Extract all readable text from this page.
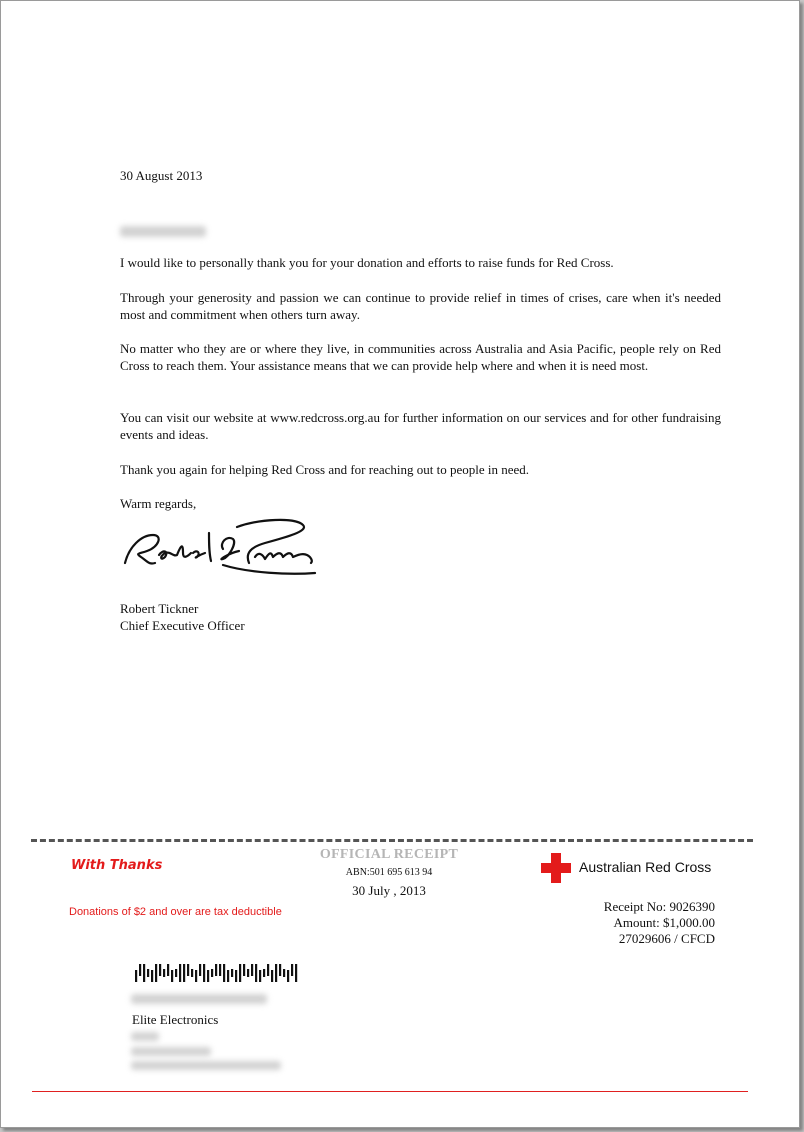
30 August 2013

I would like to personally thank you for your donation and efforts to raise funds for Red Cross.

Through your generosity and passion we can continue to provide relief in times of crises, care when it's needed most and commitment when others turn away.

No matter who they are or where they live, in communities across Australia and Asia Pacific, people rely on Red Cross to reach them. Your assistance means that we can provide help where and when it is need most.

You can visit our website at www.redcross.org.au for further information on our services and for other fundraising events and ideas.

Thank you again for helping Red Cross and for reaching out to people in need.

Warm regards,
Robert Tickner
Chief Executive Officer
With Thanks
Donations of $2 and over are tax deductible
OFFICIAL RECEIPT
ABN:501 695 613 94
30 July , 2013
Australian Red Cross
Receipt No: 9026390
Amount: $1,000.00
27029606 / CFCD
Elite Electronics
